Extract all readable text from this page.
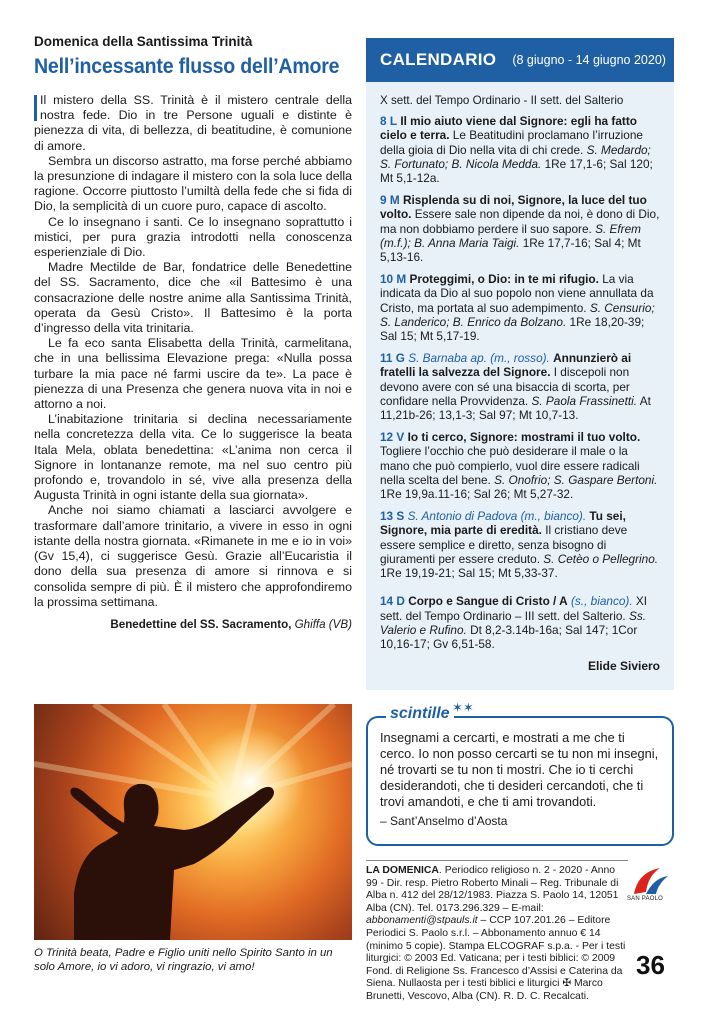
Domenica della Santissima Trinità
Nell’incessante flusso dell’Amore

Il mistero della SS. Trinità è il mistero centrale della nostra fede. Dio in tre Persone uguali e distinte è pienezza di vita, di bellezza, di beatitudine, è comunione di amore.

Sembra un discorso astratto, ma forse perché abbiamo la presunzione di indagare il mistero con la sola luce della ragione. Occorre piuttosto l’umiltà della fede che si fida di Dio, la semplicità di un cuore puro, capace di ascolto.

Ce lo insegnano i santi. Ce lo insegnano soprattutto i mistici, per pura grazia introdotti nella conoscenza esperienziale di Dio.

Madre Mectilde de Bar, fondatrice delle Benedettine del SS. Sacramento, dice che «il Battesimo è una consacrazione delle nostre anime alla Santissima Trinità, operata da Gesù Cristo». Il Battesimo è la porta d’ingresso della vita trinitaria.

Le fa eco santa Elisabetta della Trinità, carmelitana, che in una bellissima Elevazione prega: «Nulla possa turbare la mia pace né farmi uscire da te». La pace è pienezza di una Presenza che genera nuova vita in noi e attorno a noi.

L’inabitazione trinitaria si declina necessariamente nella concretezza della vita. Ce lo suggerisce la beata Itala Mela, oblata benedettina: «L’anima non cerca il Signore in lontananze remote, ma nel suo centro più profondo e, trovandolo in sé, vive alla presenza della Augusta Trinità in ogni istante della sua giornata».

Anche noi siamo chiamati a lasciarci avvolgere e trasformare dall’amore trinitario, a vivere in esso in ogni istante della nostra giornata. «Rimanete in me e io in voi» (Gv 15,4), ci suggerisce Gesù. Grazie all’Eucaristia il dono della sua presenza di amore si rinnova e si consolida sempre di più. È il mistero che approfondiremo la prossima settimana.

Benedettine del SS. Sacramento, Ghiffa (VB)
O Trinità beata, Padre e Figlio uniti nello Spirito Santo in un solo Amore, io vi adoro, vi ringrazio, vi amo!
CALENDARIO (8 giugno - 14 giugno 2020)
X sett. del Tempo Ordinario - II sett. del Salterio
8 L Il mio aiuto viene dal Signore: egli ha fatto cielo e terra. Le Beatitudini proclamano l’irruzione della gioia di Dio nella vita di chi crede. S. Medardo; S. Fortunato; B. Nicola Medda. 1Re 17,1-6; Sal 120; Mt 5,1-12a.
9 M Risplenda su di noi, Signore, la luce del tuo volto. Essere sale non dipende da noi, è dono di Dio, ma non dobbiamo perdere il suo sapore. S. Efrem (m.f.); B. Anna Maria Taigi. 1Re 17,7-16; Sal 4; Mt 5,13-16.
10 M Proteggimi, o Dio: in te mi rifugio. La via indicata da Dio al suo popolo non viene annullata da Cristo, ma portata al suo adempimento. S. Censurio; S. Landerico; B. Enrico da Bolzano. 1Re 18,20-39; Sal 15; Mt 5,17-19.
11 G S. Barnaba ap. (m., rosso). Annunzierò ai fratelli la salvezza del Signore. I discepoli non devono avere con sé una bisaccia di scorta, per confidare nella Provvidenza. S. Paola Frassinetti. At 11,21b-26; 13,1-3; Sal 97; Mt 10,7-13.
12 V Io ti cerco, Signore: mostrami il tuo volto. Togliere l’occhio che può desiderare il male o la mano che può compierlo, vuol dire essere radicali nella scelta del bene. S. Onofrio; S. Gaspare Bertoni. 1Re 19,9a.11-16; Sal 26; Mt 5,27-32.
13 S S. Antonio di Padova (m., bianco). Tu sei, Signore, mia parte di eredità. Il cristiano deve essere semplice e diretto, senza bisogno di giuramenti per essere creduto. S. Cetèo o Pellegrino. 1Re 19,19-21; Sal 15; Mt 5,33-37.
14 D Corpo e Sangue di Cristo / A (s., bianco). XI sett. del Tempo Ordinario – III sett. del Salterio. Ss. Valerio e Rufino. Dt 8,2-3.14b-16a; Sal 147; 1Cor 10,16-17; Gv 6,51-58.
Elide Siviero
scintille ✶✶
Insegnami a cercarti, e mostrati a me che ti cerco. Io non posso cercarti se tu non mi insegni, né trovarti se tu non ti mostri. Che io ti cerchi desiderandoti, che ti desideri cercandoti, che ti trovi amandoti, e che ti ami trovandoti.
– Sant’Anselmo d’Aosta
LA DOMENICA. Periodico religioso n. 2 - 2020 - Anno 99 - Dir. resp. Pietro Roberto Minali – Reg. Tribunale di Alba n. 412 del 28/12/1983. Piazza S. Paolo 14, 12051 Alba (CN). Tel. 0173.296.329 – E-mail: abbonamenti@stpauls.it – CCP 107.201.26 – Editore Periodici S. Paolo s.r.l. – Abbonamento annuo € 14 (minimo 5 copie). Stampa ELCOGRAF s.p.a. - Per i testi liturgici: © 2003 Ed. Vaticana; per i testi biblici: © 2009 Fond. di Religione Ss. Francesco d’Assisi e Caterina da Siena. Nullaosta per i testi biblici e liturgici ✠ Marco Brunetti, Vescovo, Alba (CN). R. D. C. Recalcati.
SAN PAOLO
36
